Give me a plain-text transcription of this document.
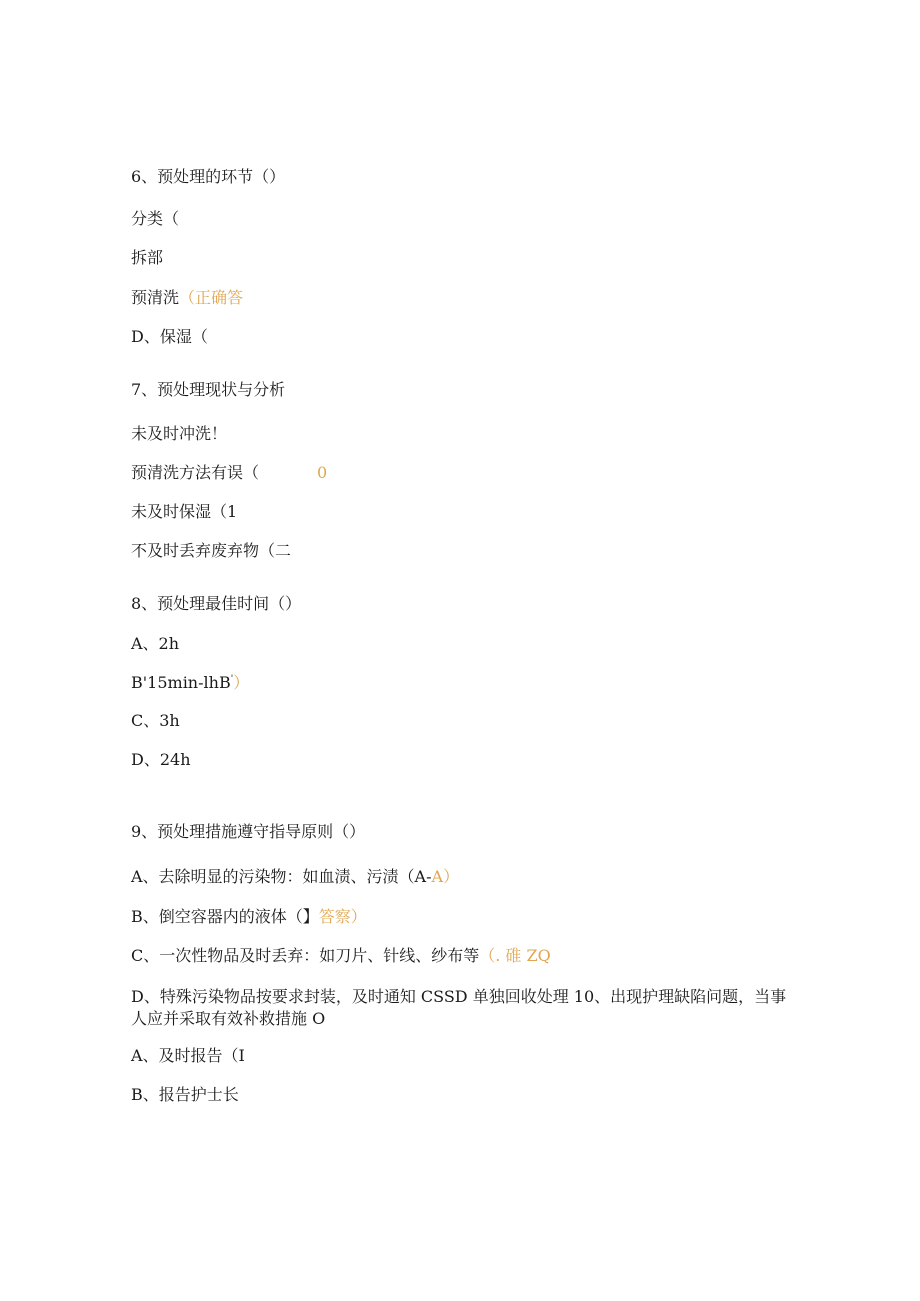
6、预处理的环节（）
分类（
拆部
预清洗（正确答
D、保湿（
7、预处理现状与分析
未及时冲洗！
预清洗方法有误（	0
未及时保湿（1
不及时丢弃废弃物（二
8、预处理最佳时间（）
A、2h
B'15min-lhB'）
C、3h
D、24h
9、预处理措施遵守指导原则（）
A、去除明显的污染物：如血渍、污渍（A-A）
B、倒空容器内的液体（】答察）
C、一次性物品及时丢弃：如刀片、针线、纱布等（. 碓 ZQ
D、特殊污染物品按要求封装，及时通知 CSSD 单独回收处理 10、出现护理缺陷问题，当事人应并采取有效补救措施 O
A、及时报告（I
B、报告护士长
